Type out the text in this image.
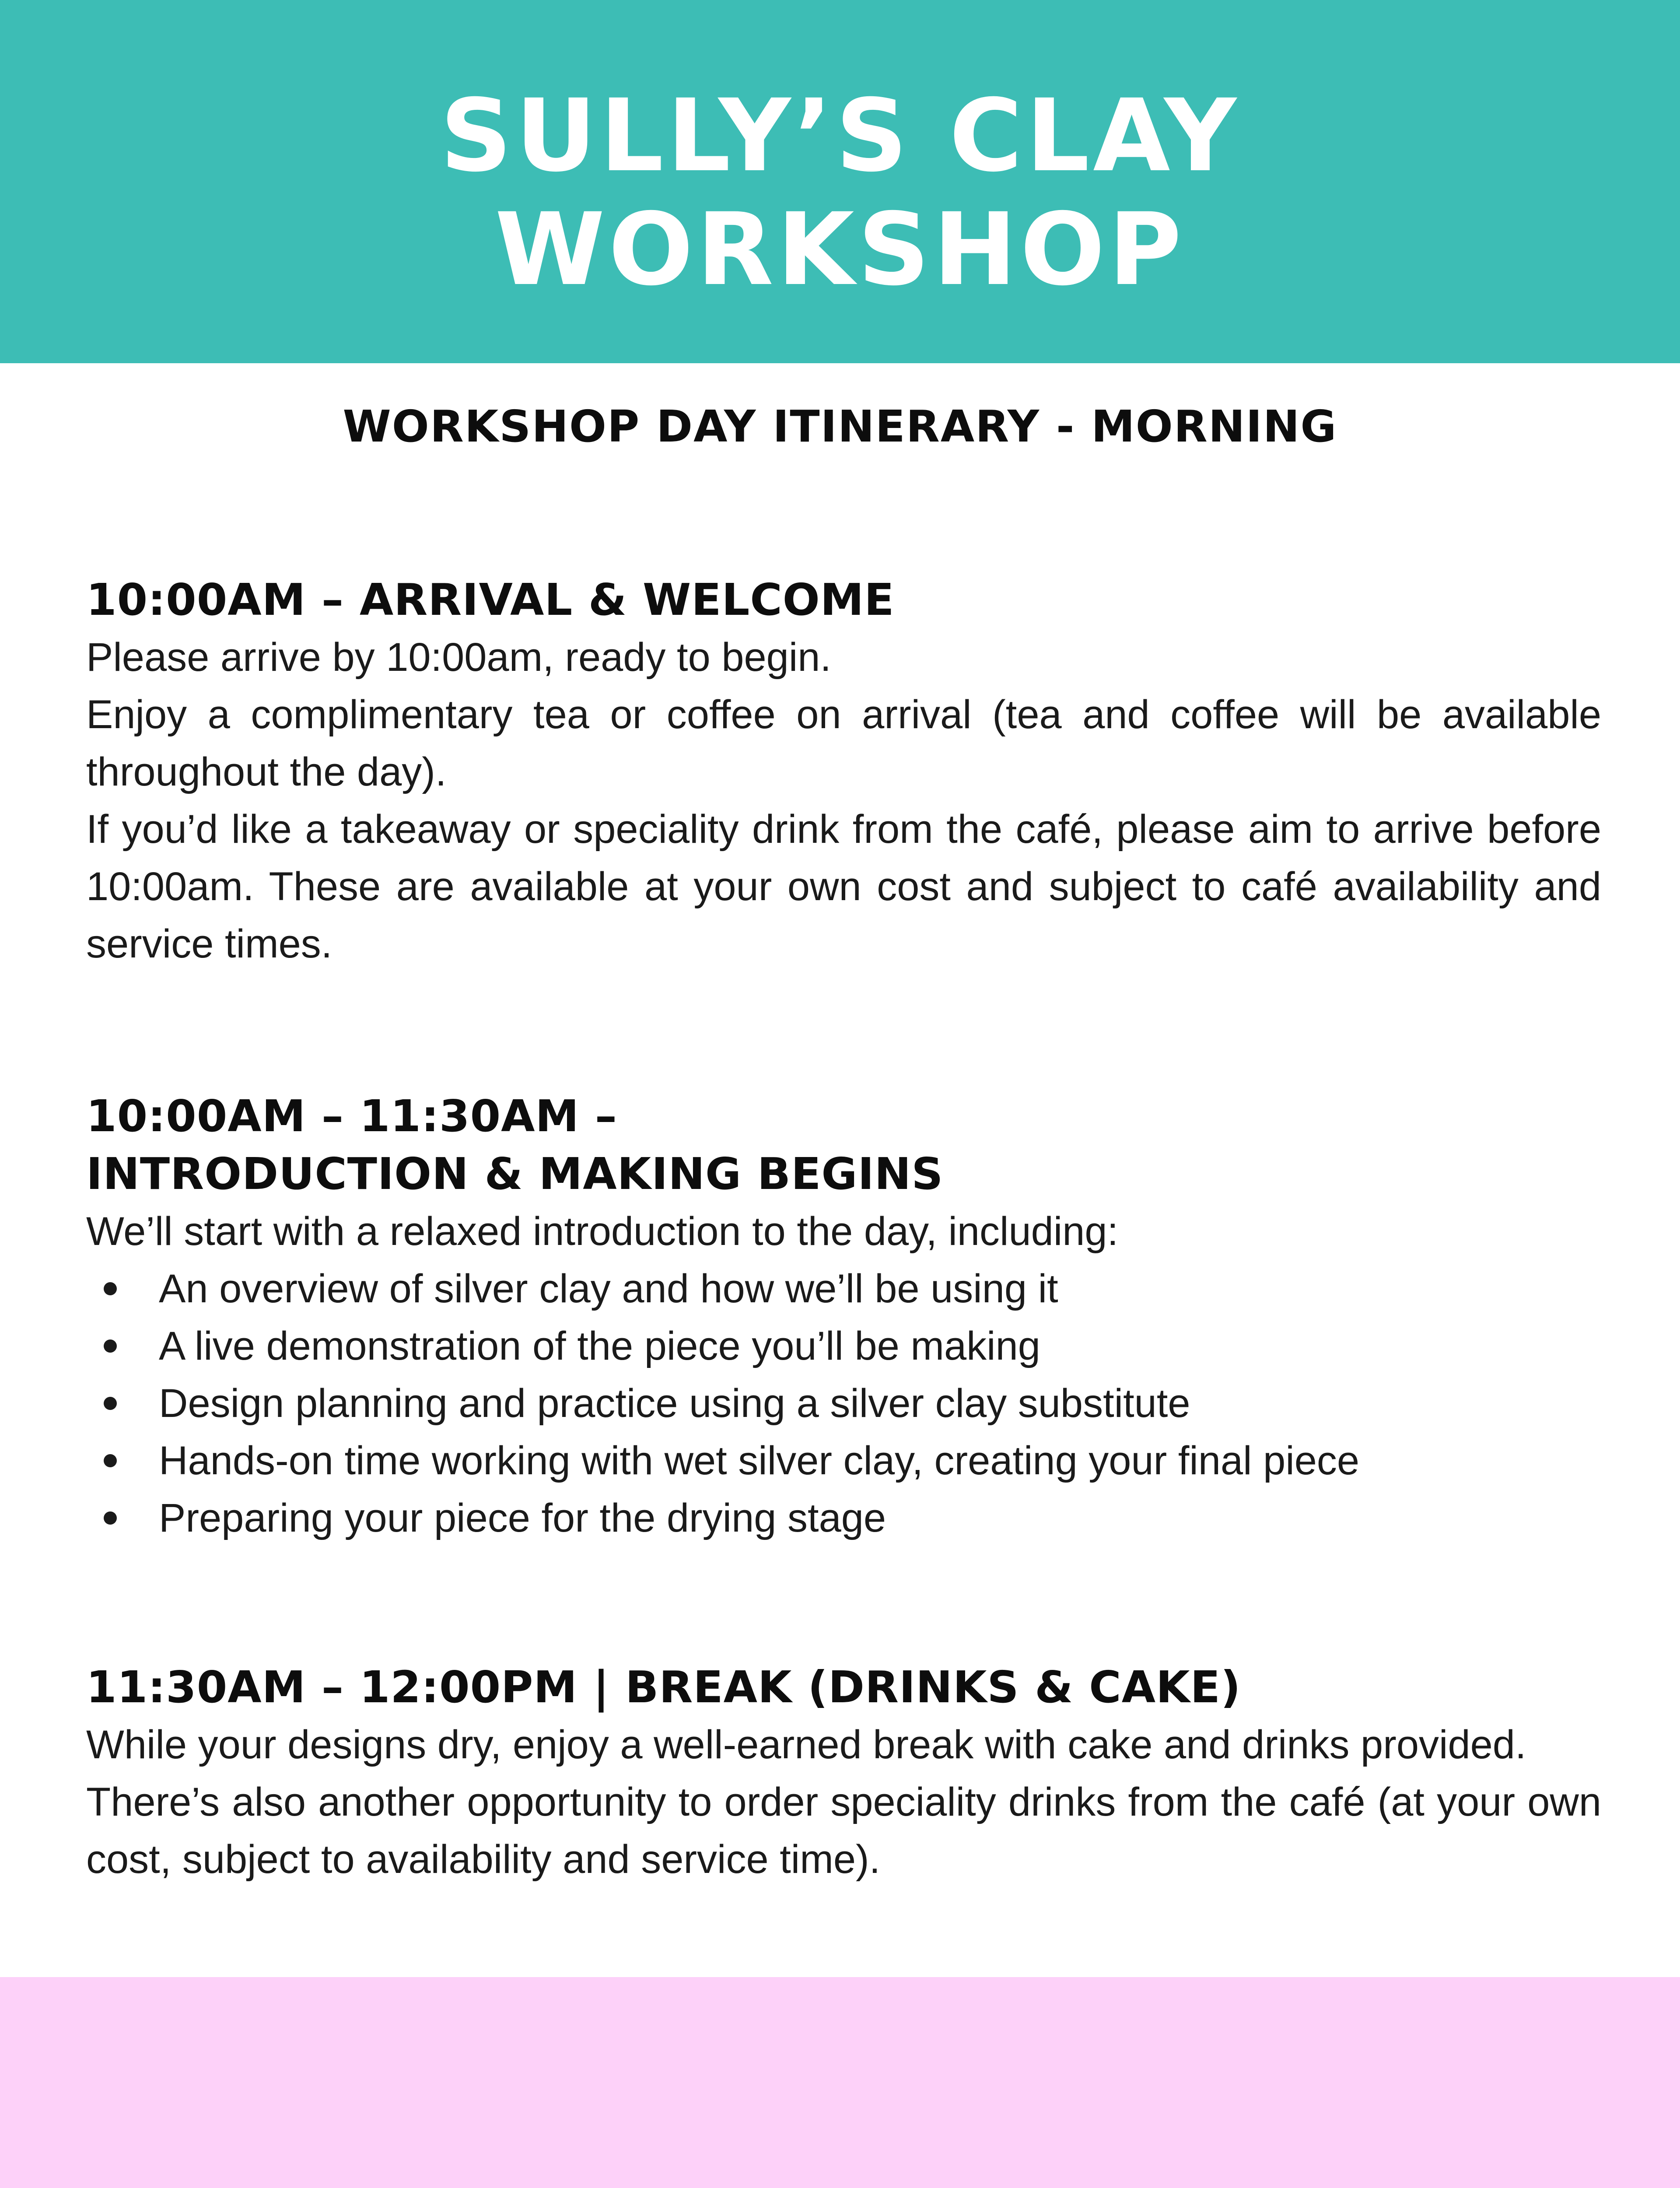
SULLY’S CLAY
WORKSHOP
WORKSHOP DAY ITINERARY - MORNING
10:00AM – ARRIVAL & WELCOME

Please arrive by 10:00am, ready to begin.

Enjoy a complimentary tea or coffee on arrival (tea and coffee will be available throughout the day).

If you’d like a takeaway or speciality drink from the café, please aim to arrive before 10:00am. These are available at your own cost and subject to café availability and service times.

10:00AM – 11:30AM –
INTRODUCTION & MAKING BEGINS

We’ll start with a relaxed introduction to the day, including:

An overview of silver clay and how we’ll be using it
A live demonstration of the piece you’ll be making
Design planning and practice using a silver clay substitute
Hands-on time working with wet silver clay, creating your final piece
Preparing your piece for the drying stage
11:30AM – 12:00PM | BREAK (DRINKS & CAKE)

While your designs dry, enjoy a well-earned break with cake and drinks provided.

There’s also another opportunity to order speciality drinks from the café (at your own cost, subject to availability and service time).
